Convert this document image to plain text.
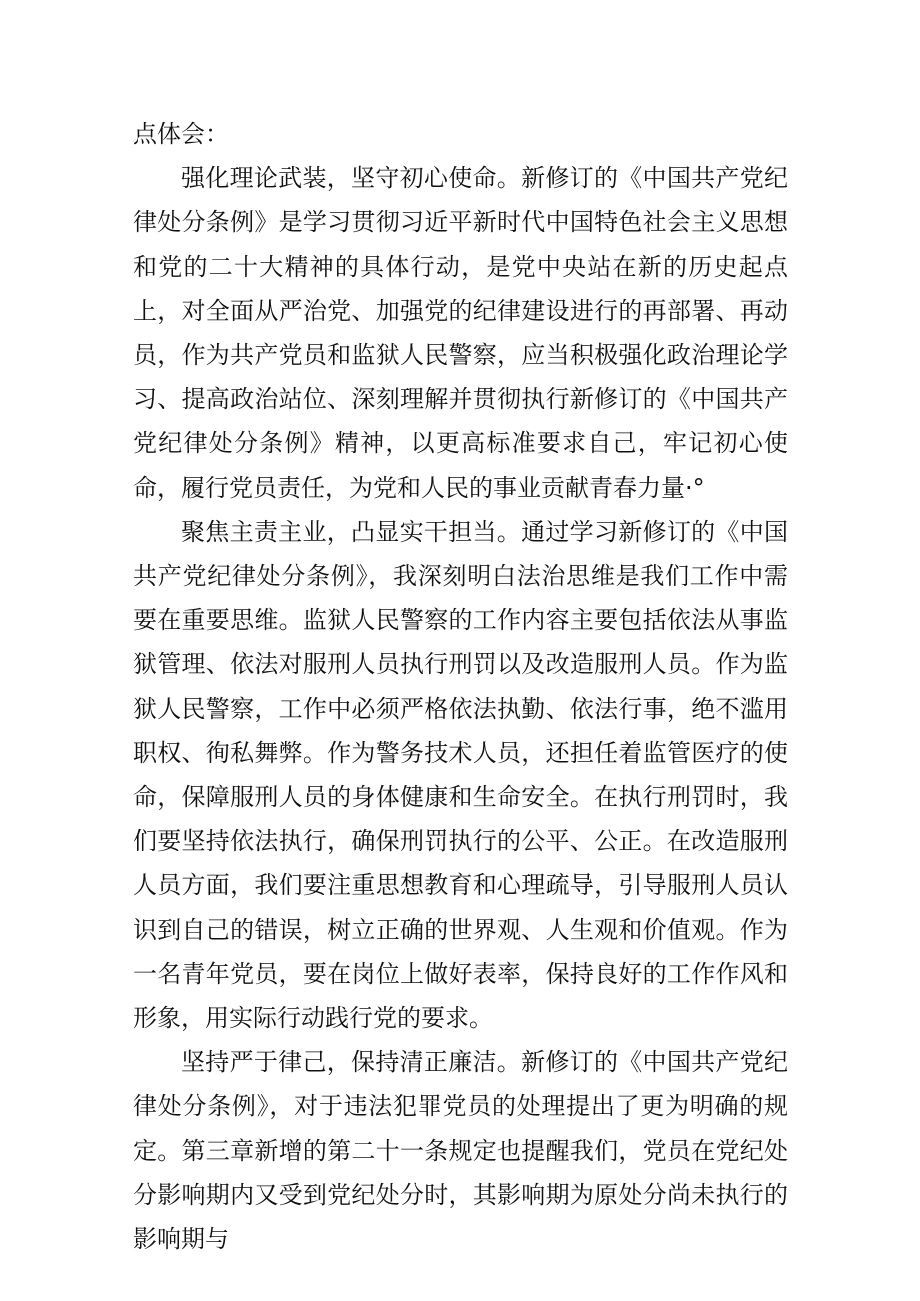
点体会：

强化理论武装，坚守初心使命。新修订的《中国共产党纪律处分条例》是学习贯彻习近平新时代中国特色社会主义思想和党的二十大精神的具体行动，是党中央站在新的历史起点上，对全面从严治党、加强党的纪律建设进行的再部署、再动员，作为共产党员和监狱人民警察，应当积极强化政治理论学习、提高政治站位、深刻理解并贯彻执行新修订的《中国共产党纪律处分条例》精神，以更高标准要求自己，牢记初心使命，履行党员责任，为党和人民的事业贡献青春力量·°

聚焦主责主业，凸显实干担当。通过学习新修订的《中国共产党纪律处分条例》，我深刻明白法治思维是我们工作中需要在重要思维。监狱人民警察的工作内容主要包括依法从事监狱管理、依法对服刑人员执行刑罚以及改造服刑人员。作为监狱人民警察，工作中必须严格依法执勤、依法行事，绝不滥用职权、徇私舞弊。作为警务技术人员，还担任着监管医疗的使命，保障服刑人员的身体健康和生命安全。在执行刑罚时，我们要坚持依法执行，确保刑罚执行的公平、公正。在改造服刑人员方面，我们要注重思想教育和心理疏导，引导服刑人员认识到自己的错误，树立正确的世界观、人生观和价值观。作为一名青年党员，要在岗位上做好表率，保持良好的工作作风和形象，用实际行动践行党的要求。

坚持严于律己，保持清正廉洁。新修订的《中国共产党纪律处分条例》，对于违法犯罪党员的处理提出了更为明确的规定。第三章新增的第二十一条规定也提醒我们，党员在党纪处分影响期内又受到党纪处分时，其影响期为原处分尚未执行的影响期与
